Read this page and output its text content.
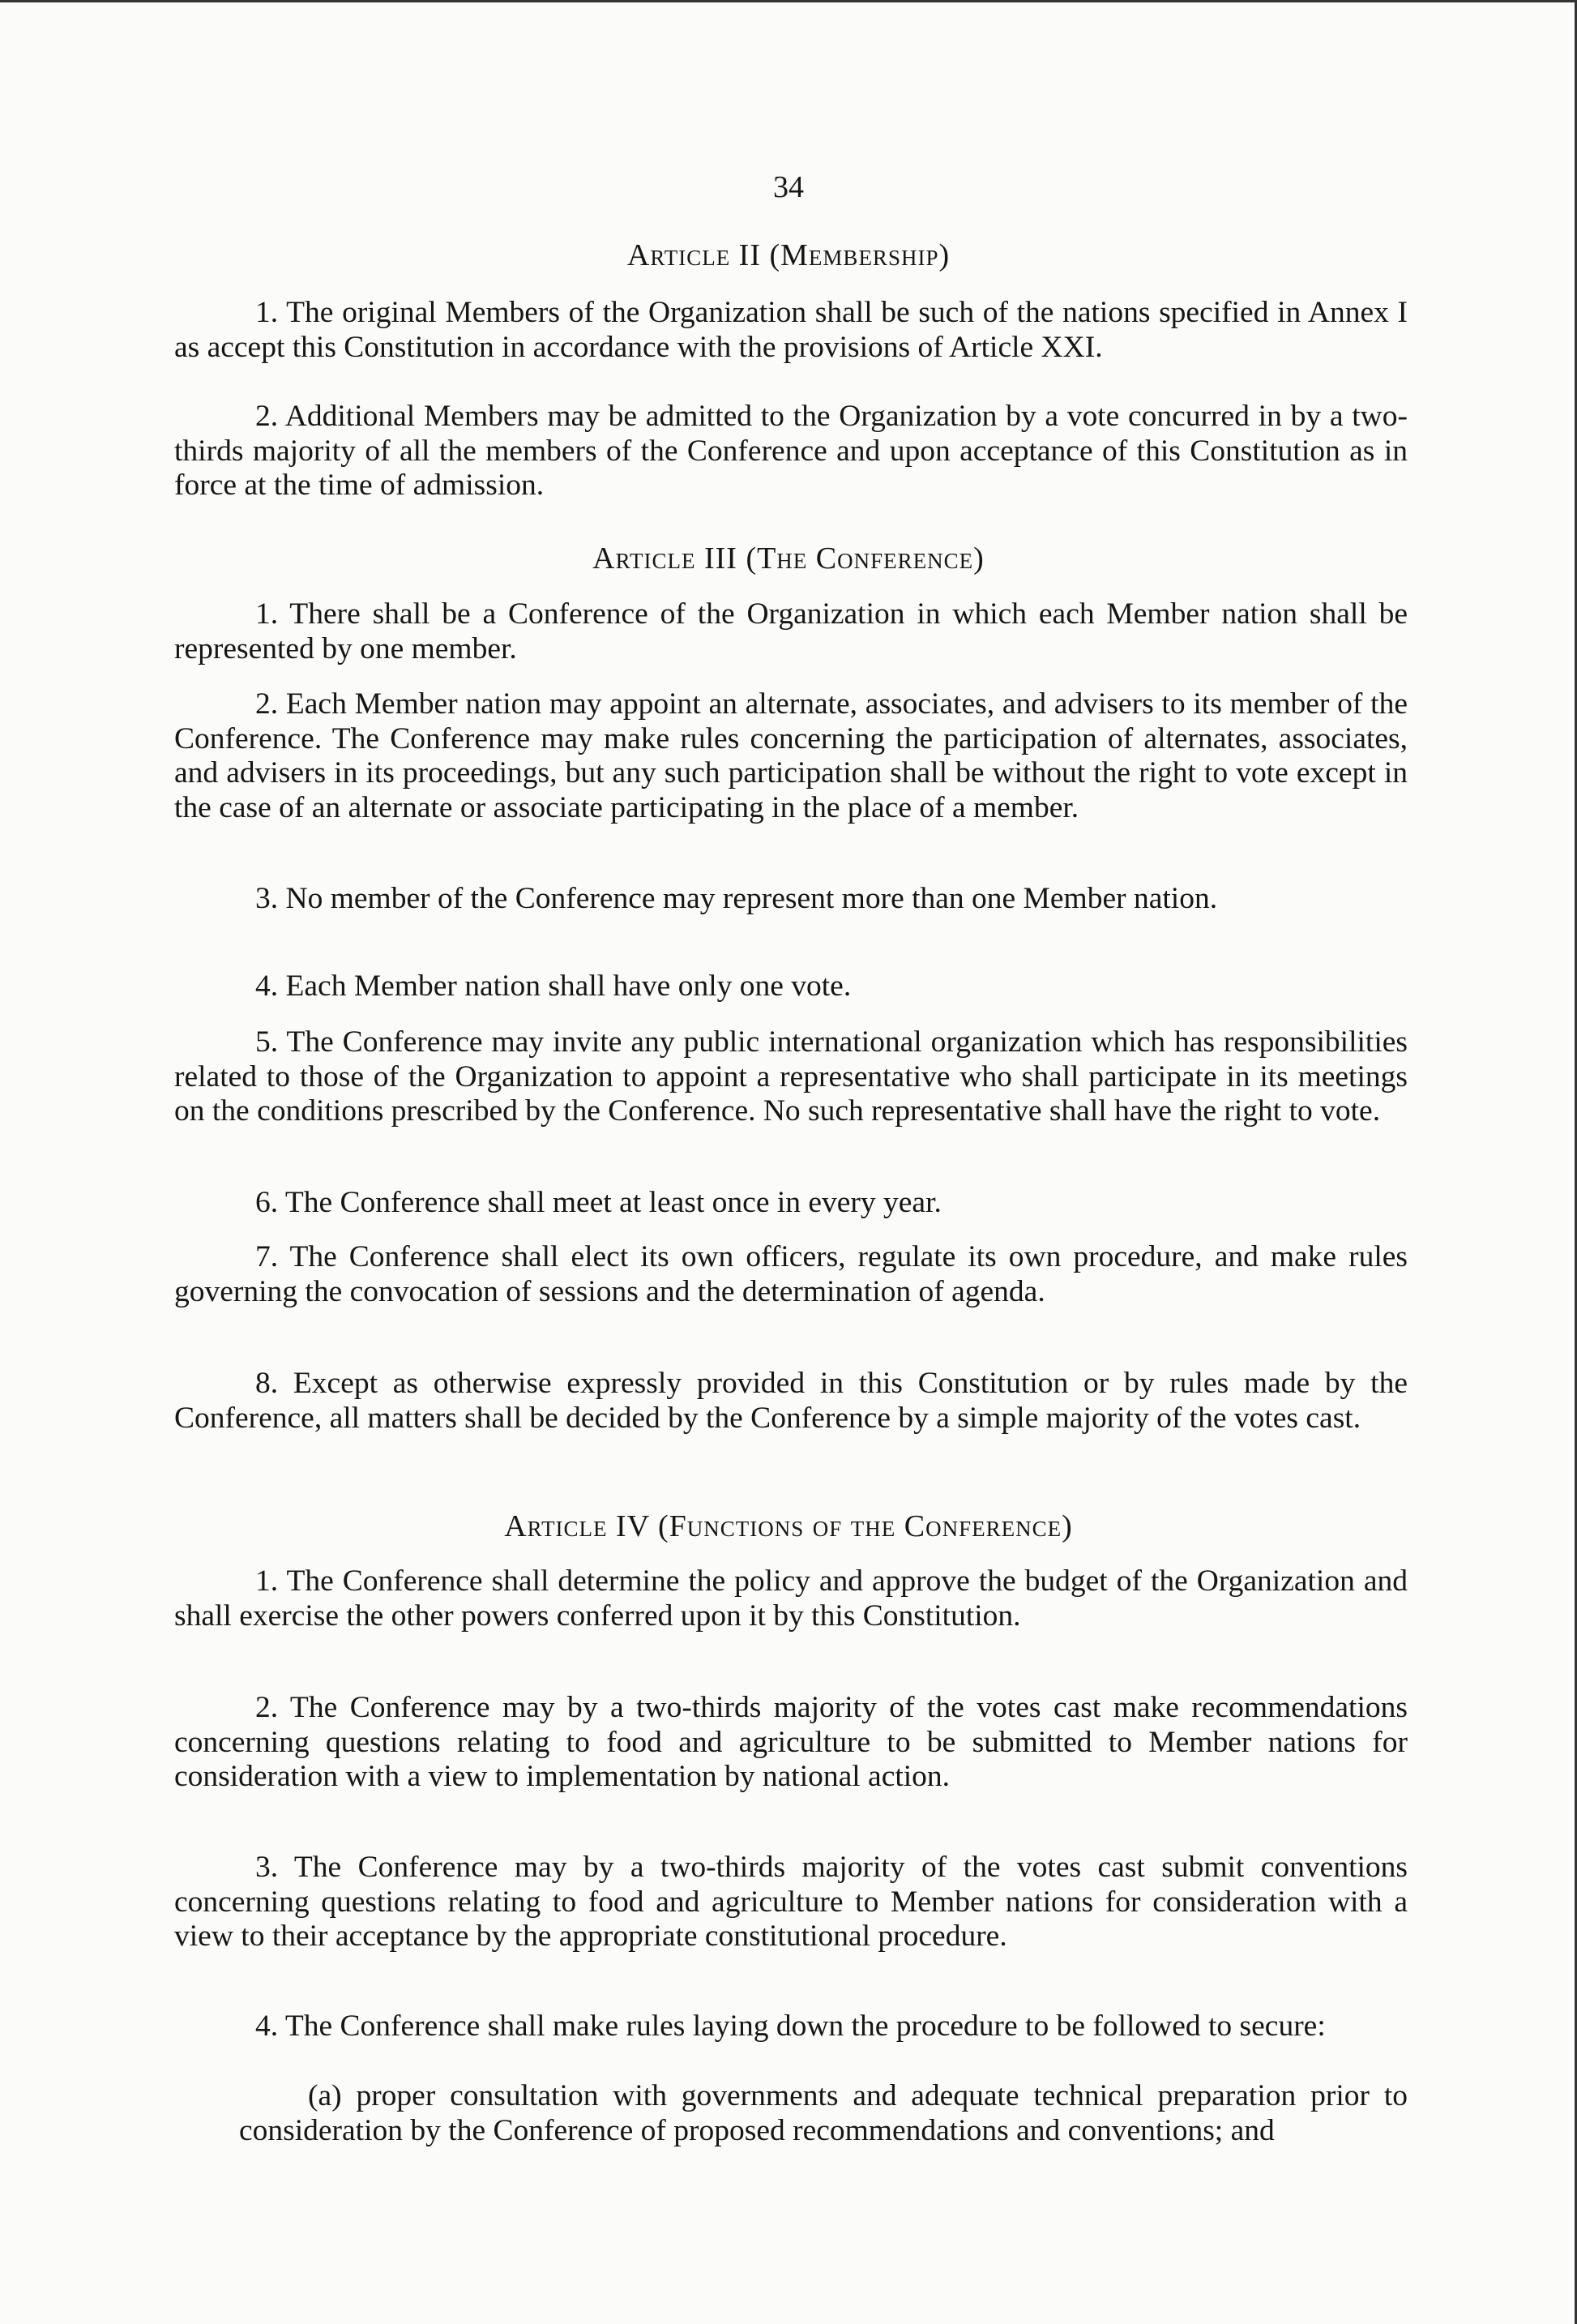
34
Article II (Membership)

1. The original Members of the Organization shall be such of the nations specified in Annex I as accept this Constitution in accordance with the provisions of Article XXI.

2. Additional Members may be admitted to the Organization by a vote concurred in by a two-thirds majority of all the members of the Conference and upon acceptance of this Constitution as in force at the time of admission.

Article III (The Conference)

1. There shall be a Conference of the Organization in which each Member nation shall be represented by one member.

2. Each Member nation may appoint an alternate, associates, and advisers to its member of the Conference. The Conference may make rules concerning the participation of alternates, associates, and advisers in its proceedings, but any such participation shall be without the right to vote except in the case of an alternate or associate participating in the place of a member.

3. No member of the Conference may represent more than one Member nation.

4. Each Member nation shall have only one vote.

5. The Conference may invite any public international organization which has responsibilities related to those of the Organization to appoint a representative who shall participate in its meetings on the conditions prescribed by the Conference. No such representative shall have the right to vote.

6. The Conference shall meet at least once in every year.

7. The Conference shall elect its own officers, regulate its own procedure, and make rules governing the convocation of sessions and the determination of agenda.

8. Except as otherwise expressly provided in this Constitution or by rules made by the Conference, all matters shall be decided by the Conference by a simple majority of the votes cast.

Article IV (Functions of the Conference)

1. The Conference shall determine the policy and approve the budget of the Organization and shall exercise the other powers conferred upon it by this Constitution.

2. The Conference may by a two-thirds majority of the votes cast make recommendations concerning questions relating to food and agriculture to be submitted to Member nations for consideration with a view to implementation by national action.

3. The Conference may by a two-thirds majority of the votes cast submit conventions concerning questions relating to food and agriculture to Member nations for consideration with a view to their acceptance by the appropriate constitutional procedure.

4. The Conference shall make rules laying down the procedure to be followed to secure:

(a) proper consultation with governments and adequate technical preparation prior to consideration by the Conference of proposed recommendations and conventions; and
